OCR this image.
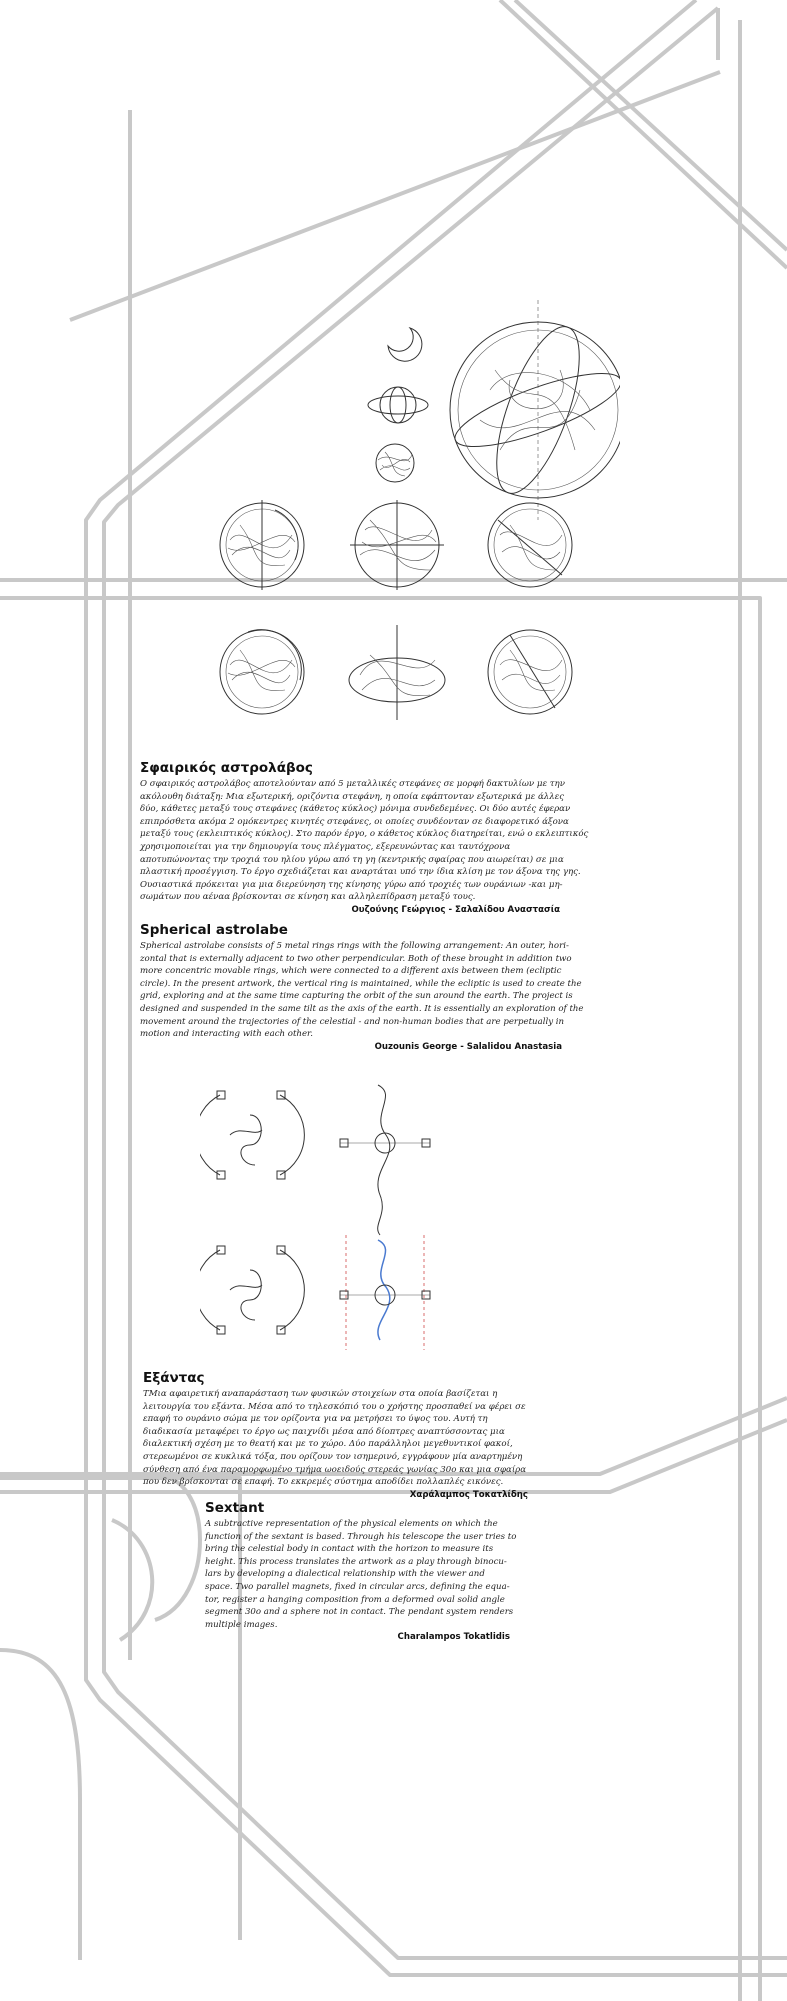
Σφαιρικός αστρολάβος

Ο σφαιρικός αστρολάβος αποτελούνταν από 5 μεταλλικές στεφάνες σε μορφή δακτυλίων με την
ακόλουθη διάταξη: Μια εξωτερική, οριζόντια στεφάνη, η οποία εφάπτονταν εξωτερικά με άλλες
δύο, κάθετες μεταξύ τους στεφάνες (κάθετος κύκλος) μόνιμα συνδεδεμένες. Οι δύο αυτές έφεραν
επιπρόσθετα ακόμα 2 ομόκεντρες κινητές στεφάνες, οι οποίες συνδέονταν σε διαφορετικό άξονα
μεταξύ τους (εκλειπτικός κύκλος). Στο παρόν έργο, ο κάθετος κύκλος διατηρείται, ενώ ο εκλειπτικός
χρησιμοποιείται για την δημιουργία τους πλέγματος, εξερευνώντας και ταυτόχρονα
αποτυπώνοντας την τροχιά του ηλίου γύρω από τη γη (κεντρικής σφαίρας που αιωρείται) σε μια
πλαστική προσέγγιση. Το έργο σχεδιάζεται και αναρτάται υπό την ίδια κλίση με τον άξονα της γης.
Ουσιαστικά πρόκειται για μια διερεύνηση της κίνησης γύρω από τροχιές των ουράνιων -και μη-
σωμάτων που αέναα βρίσκονται σε κίνηση και αλληλεπίδραση μεταξύ τους.

Ουζούνης Γεώργιος - Σαλαλίδου Αναστασία
Spherical astrolabe

Spherical astrolabe consists of 5 metal rings rings with the following arrangement: An outer, hori-
zontal that is externally adjacent to two other perpendicular. Both of these brought in addition two
more concentric movable rings, which were connected to a different axis between them (ecliptic
circle). In the present artwork, the vertical ring is maintained, while the ecliptic is used to create the
grid, exploring and at the same time capturing the orbit of the sun around the earth. The project is
designed and suspended in the same tilt as the axis of the earth. It is essentially an exploration of the
movement around the trajectories of the celestial - and non-human bodies that are perpetually in
motion and interacting with each other.

Ouzounis George - Salalidou Anastasia
Εξάντας

ΤΜια αφαιρετική αναπαράσταση των φυσικών στοιχείων στα οποία βασίζεται η
λειτουργία του εξάντα. Μέσα από το τηλεσκόπιό του ο χρήστης προσπαθεί να φέρει σε
επαφή το ουράνιο σώμα με τον ορίζοντα για να μετρήσει το ύψος του. Αυτή τη
διαδικασία μεταφέρει το έργο ως παιχνίδι μέσα από δίοπτρες αναπτύσσοντας μια
διαλεκτική σχέση με το θεατή και με το χώρο. Δύο παράλληλοι μεγεθυντικοί φακοί,
στερεωμένοι σε κυκλικά τόξα, που ορίζουν τον ισημερινό, εγγράφουν μία αναρτημένη
σύνθεση από ένα παραμορφωμένο τμήμα ωοειδούς στερεάς γωνίας 30ο και μια σφαίρα
που δεν βρίσκονται σε επαφή. Το εκκρεμές σύστημα αποδίδει πολλαπλές εικόνες.

Χαράλαμπος Τοκατλίδης
Sextant

A subtractive representation of the physical elements on which the
function of the sextant is based. Through his telescope the user tries to
bring the celestial body in contact with the horizon to measure its
height. This process translates the artwork as a play through binocu-
lars by developing a dialectical relationship with the viewer and
space. Two parallel magnets, fixed in circular arcs, defining the equa-
tor, register a hanging composition from a deformed oval solid angle
segment 30o and a sphere not in contact. The pendant system renders
multiple images.

Charalampos Tokatlidis
